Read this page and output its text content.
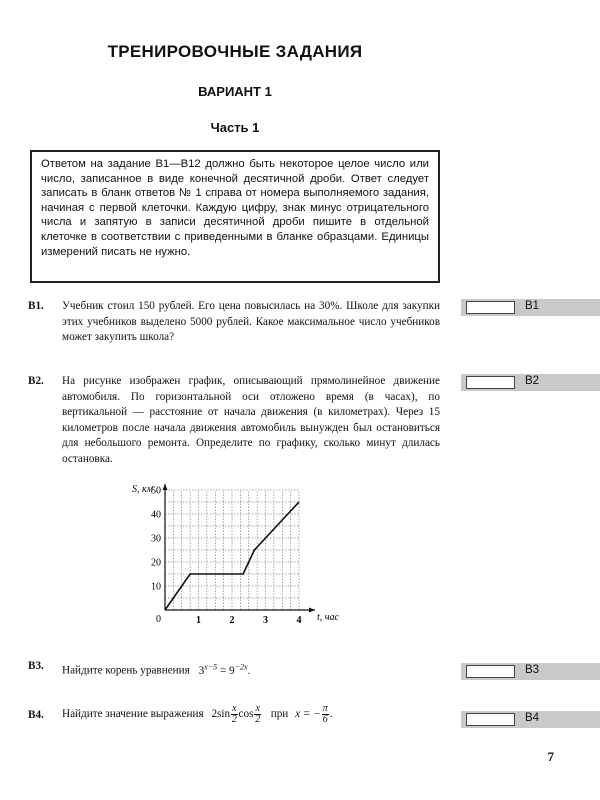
ТРЕНИРОВОЧНЫЕ ЗАДАНИЯ
ВАРИАНТ 1
Часть 1
Ответом на задание В1—В12 должно быть некоторое целое число или число, записанное в виде конечной десятичной дроби. Ответ следует записать в бланк ответов № 1 справа от номера выполняемого задания, начиная с первой клеточки. Каждую цифру, знак минус отрицательного числа и запятую в записи десятичной дроби пишите в отдельной клеточке в соответствии с приведенными в бланке образцами. Единицы измерений писать не нужно.
B1. Учебник стоил 150 рублей. Его цена повысилась на 30%. Школе для закупки этих учебников выделено 5000 рублей. Какое максимальное число учебников может закупить школа?
B1
B2. На рисунке изображен график, описывающий прямолинейное движение автомобиля. По горизонтальной оси отложено время (в часах), по вертикальной — расстояние от начала движения (в километрах). Через 15 километров после начала движения автомобиль вынужден был остановиться для небольшого ремонта. Определите по графику, сколько минут длилась остановка.
B2
1	2	3	4
10
20
30
40
50
0
S, км
t, час
B3. Найдите корень уравнения $3^{x-5} = 9^{-2x}$.	B3
B4. Найдите значение выражения $2\sin \frac{x}{2}$ $\cos \frac{x}{2}$ при x = − $\frac{\pi}{6}$ .	B4
7
